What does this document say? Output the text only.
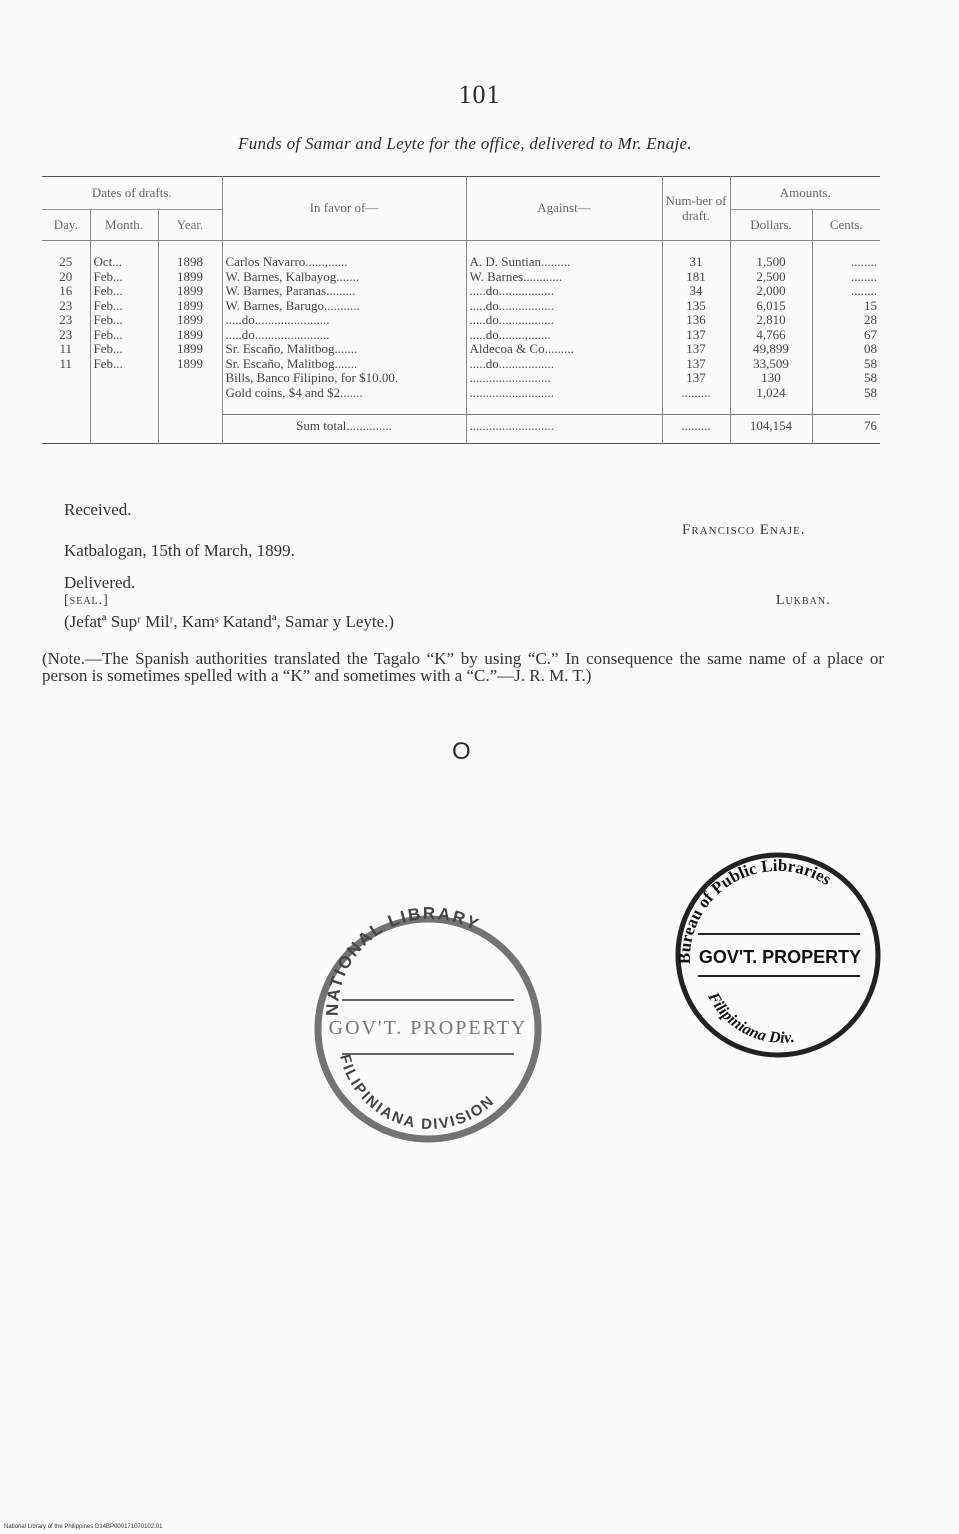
101
Funds of Samar and Leyte for the office, delivered to Mr. Enaje.
Dates of drafts.			In favor of—	Against—	Num-ber of draft.	Amounts.	
Day.	Month.	Year.				Dollars.	Cents.

25	Oct...	1898	Carlos Navarro......,......	A. D. Suntian.........	31	1,500	........
20	Feb...	1899	W. Barnes, Kalbayog.......	W. Barnes............	181	2,500	........
16	Feb...	1899	W. Barnes, Paranas.........	.....do.................	34	2,000	........
23	Feb...	1899	W. Barnes, Barugo...........	.....do.................	135	6,015	15
23	Feb...	1899	.....do.......................	.....do.................	136	2,810	28
23	Feb...	1899	.....do.......................	.....do........,.......	137	4,766	67
11	Feb...	1899	Sr. Escaño, Malitbog.......	Aldecoa & Co.........	137	49,899	08
11	Feb...	1899	Sr. Escaño, Malitbog.......	.....do.................	137	33,509	58
			Bills, Banco Filipino, for $10.00.	.........................	137	130	58
			Gold coins, $4 and $2.......	..........................	.........	1,024	58

			Sum total..............	..........................	.........	104,154	76

Received.
Francisco Enaje.
Katbalogan, 15th of March, 1899.
Delivered.
[seal.]	Lukban.
(Jefatª Supʳ Milʳ, Kamˢ Katandª, Samar y Leyte.)
(Note.—The Spanish authorities translated the Tagalo “K” by using “C.” In consequence the same name of a place or person is sometimes spelled with a “K” and sometimes with a “C.”—J. R. M. T.)
O
NATIONAL LIBRARY
GOV'T. PROPERTY
FILIPINIANA DIVISION
Bureau of Public Libraries
GOV'T. PROPERTY
Filipiniana Div.
National Library of the Philippines D14BP000171070102.01
